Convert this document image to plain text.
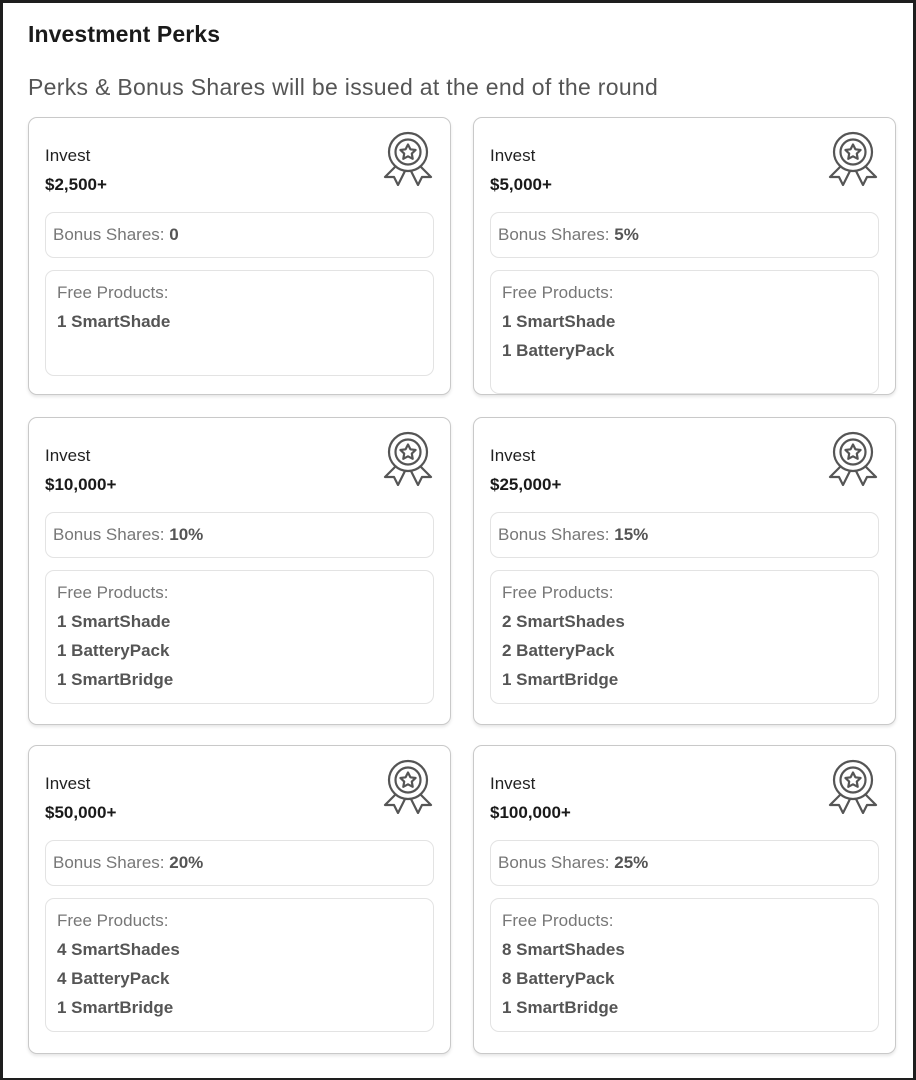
Investment Perks
Perks & Bonus Shares will be issued at the end of the round
Invest
$2,500+
Bonus Shares: 0
Free Products:
1 SmartShade
Invest
$5,000+
Bonus Shares: 5%
Free Products:
1 SmartShade
1 BatteryPack
Invest
$10,000+
Bonus Shares: 10%
Free Products:
1 SmartShade
1 BatteryPack
1 SmartBridge
Invest
$25,000+
Bonus Shares: 15%
Free Products:
2 SmartShades
2 BatteryPack
1 SmartBridge
Invest
$50,000+
Bonus Shares: 20%
Free Products:
4 SmartShades
4 BatteryPack
1 SmartBridge
Invest
$100,000+
Bonus Shares: 25%
Free Products:
8 SmartShades
8 BatteryPack
1 SmartBridge
